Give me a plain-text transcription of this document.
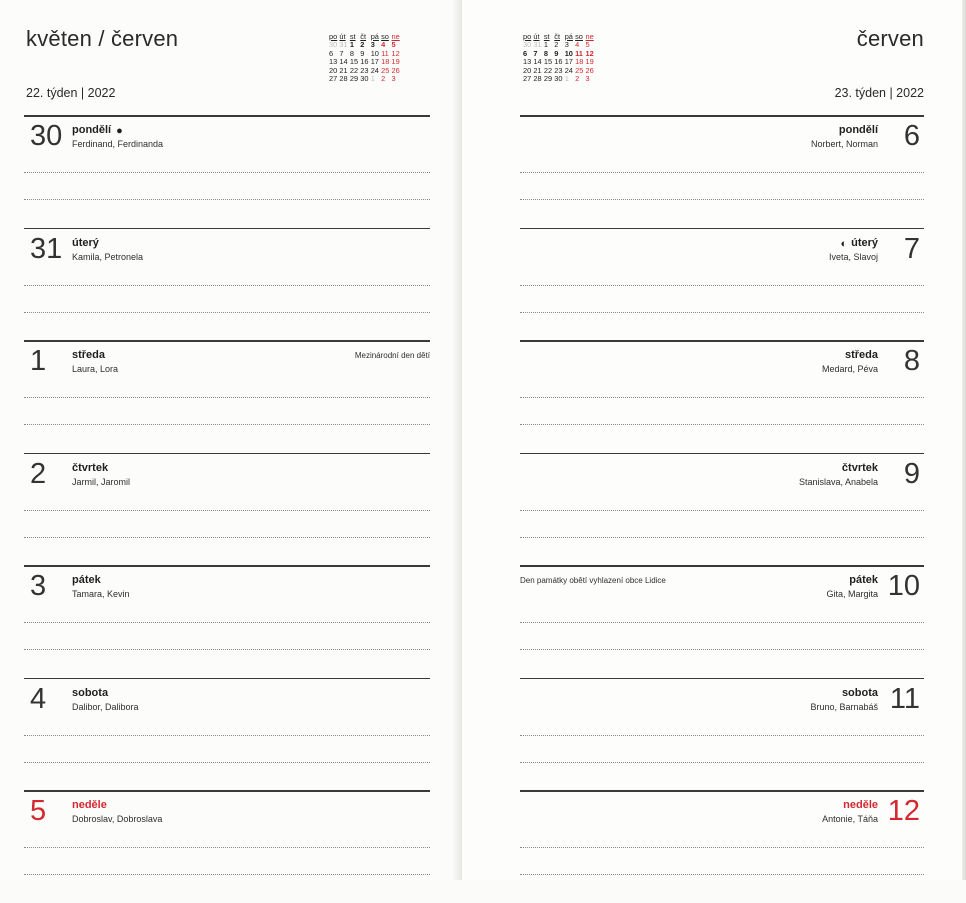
květen / červen
22. týden | 2022
po	út	st	čt	pá	so	ne
30	31	1	2	3	4	5
6	7	8	9	10	11	12
13	14	15	16	17	18	19
20	21	22	23	24	25	26
27	28	29	30	1	2	3
30 pondělí ●
Ferdinand, Ferdinanda
31 úterý
Kamila, Petronela
1 středa
Laura, Lora
Mezinárodní den dětí
2 čtvrtek
Jarmil, Jaromil
3 pátek
Tamara, Kevin
4 sobota
Dalibor, Dalibora
5 neděle
Dobroslav, Dobroslava
po	út	st	čt	pá	so	ne
30	31	1	2	3	4	5
6	7	8	9	10	11	12
13	14	15	16	17	18	19
20	21	22	23	24	25	26
27	28	29	30	1	2	3
červen
23. týden | 2022
6
pondělí
Norbert, Norman
7
◐ úterý
Iveta, Slavoj
8
středa
Medard, Péva
9
čtvrtek
Stanislava, Anabela
10
pátek
Gita, Margita
Den památky obětí vyhlazení obce Lidice
11
sobota
Bruno, Barnabáš
12
neděle
Antonie, Táňa
